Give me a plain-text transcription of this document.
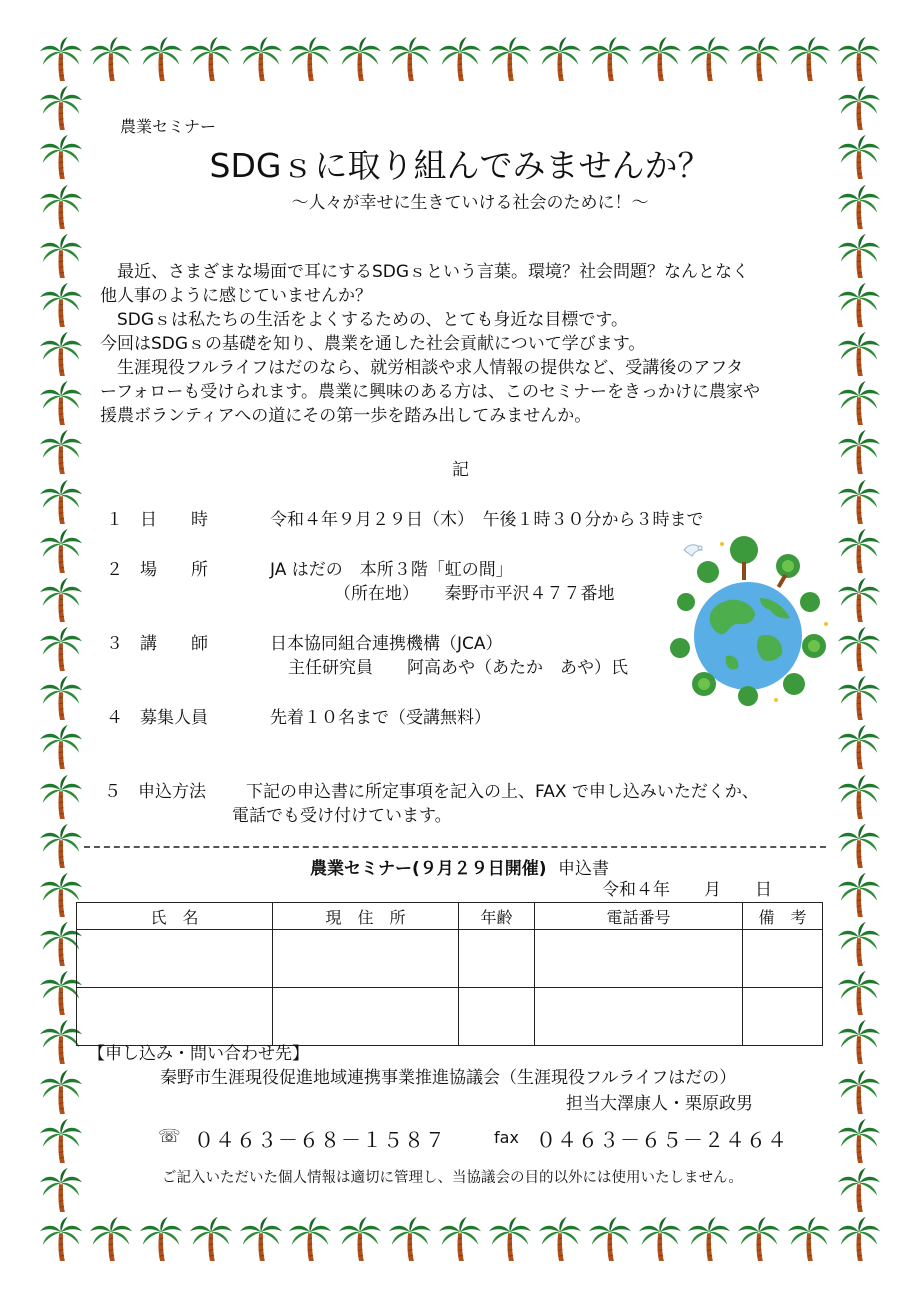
農業セミナー
SDGｓに取り組んでみませんか？
～人々が幸せに生きていける社会のために！～
　最近、さまざまな場面で耳にするSDGｓという言葉。環境？社会問題？なんとなく
他人事のように感じていませんか？
　SDGｓは私たちの生活をよくするための、とても身近な目標です。
今回はSDGｓの基礎を知り、農業を通した社会貢献について学びます。
　生涯現役フルライフはだのなら、就労相談や求人情報の提供など、受講後のアフタ
ーフォローも受けられます。農業に興味のある方は、このセミナーをきっかけに農家や
援農ボランティアへの道にその第一歩を踏み出してみませんか。
記
１ 日　　時	令和４年９月２９日（木）　午後１時３０分から３時まで
２ 場　　所	JA はだの　本所３階「虹の間」
（所在地）　　秦野市平沢４７７番地
３ 講　　師	日本協同組合連携機構（JCA）
主任研究員　　阿高あや（あたか　あや）氏
４ 募集人員	先着１０名まで（受講無料）
５ 申込方法 下記の申込書に所定事項を記入の上、FAX で申し込みいただくか、
電話でも受け付けています。
農業セミナー(９月２９日開催) 申込書
令和４年　　月　　日
氏　名	現　住　所	年齢	電話番号	備　考

【申し込み・問い合わせ先】
秦野市生涯現役促進地域連携事業推進協議会（生涯現役フルライフはだの）
担当大澤康人・栗原政男
☏ ０４６３－６８－１５８７	fax ０４６３－６５－２４６４
ご記入いただいた個人情報は適切に管理し、当協議会の目的以外には使用いたしません。
